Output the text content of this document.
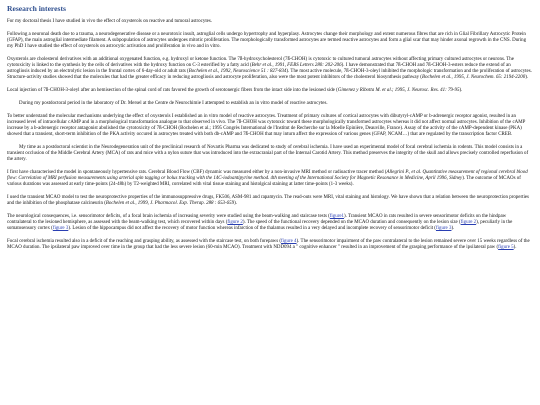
Research interests

For my doctoral thesis I have studied in vivo the effect of oxysterols on reactive and tumoral astrocytes.

Following a neuronal death due to a trauma, a neurodegenerative disease or a neurotoxic insult, astroglial cells undergo hypertrophy and hyperplasy. Astrocytes change their morphology and extent numerous fibres that are rich in Glial Fibrillary Astrocytic Protein (GFAP), the main astroglial intermediate filament. A subpopulation of astrocytes undergoes mitotic proliferation. The morphologically transformed astrocytes are termed reactive astrocytes and form a glial scar that may hinder axonal regrowth in the CNS. During my PhD I have studied the effect of oxysterols on astrocytic activation and proliferation in vivo and in vitro.

Oxysterols are cholesterol derivatives with an additional oxygenated function, e.g. hydroxyl or ketone function. The 7ß-hydroxycholesterol (7ß-CHOH) is cytotoxic to cultured tumoral astrocytes without affecting primary cultured astrocytes or neurons. The cytotoxicity is linked to the synthesis by the cells of derivatives with the hydroxy function on C-3 esterified by a fatty acid (Behr et al., 1991, FEBS Letters 280: 202-206). I have demonstrated that 7ß-CHOH and 7ß-CHOH-3-esters reduce the extend of an astrogliosis induced by an electrolytic lesion in the frontal cortex of 6-day-old or adult rats (Bochelen et al., 1992, Neuroscience 51 : 827-834). The most active molecule, 7ß-CHOH-3-oleyl inhibited the morphologic transformation and the proliferation of astrocytes. Structure-activity studies showed that the molecules that had the greater efficacy in reducing astrogliosis and astrocyte proliferation, also were the most potent inhibitors of the cholesterol biosynthesis pathway (Bochelen et al., 1995, J. Neurochem. 65: 2194-2200).

Local injection of 7ß-CHOH-3-oleyl after an hemisection of the spinal cord of rats favored the growth of serotonergic fibers from the intact side into the lesioned side (Gimenez y Ribotta M. et al.; 1995, J. Neurosc. Res. 41: 79-95).

During my postdoctoral period in the laboratory of Dr. Mersel at the Centre de Neurochimie I attempted to establish an in vitro model of reactive astrocytes.

To better understand the molecular mechanisms underlying the effect of oxysterols I established an in vitro model of reactive astrocytes. Treatment of primary cultures of cortical astrocytes with dibutyryl-cAMP or b-adrenergic receptor agonist, resulted in an increased level of intracellular cAMP and in a morphological transformation analogue to that observed in vivo. The 7ß-CHOH was cytotoxic toward these morphologically transformed astrocytes whereas it did not affect normal astrocytes. Inhibition of the cAMP increase by a b-adrenergic receptor antagonist abolished the cytotoxicity of 7ß-CHOH (Bochelen et al.; 1995 Congrès International de l'Institut de Recherche sur la Moelle Epinière, Deauville, France). Assay of the activity of the cAMP-dependent kinase (PKA) showed that a transient, short-term inhibition of the PKA activity occured in astrocytes treated with both db-cAMP and 7ß-CHOH that may inturn affect the expression of various genes (GFAP, NCAM…) that are regulated by the transcription factor CREB.

My time as a postdoctoral scientist in the Neurodegeneration unit of the preclinical research of Novartis Pharma was dedicated to study of cerebral ischemia. I have used an experimental model of focal cerebral ischemia in rodents. This model consists in a transient occlusion of the Middle Cerebral Artery (MCA) of rats and mice with a nylon suture that was introduced into the extracranial part of the Internal Carotid Artery. This method preserves the integrity of the skull and allows precisely controlled reperfusion of the artery.

I first have characterised the model in spontaneously hypertensive rats. Cerebral Blood Flow (CBF) dynamic was measured either by a non-invasive MRI method or radioactive tracer method (Allegrini P., et al. Quantitative measurement of regional cerebral blood flow: Correlation of MRI perfusion measurements using arterial spin tagging or bolus tracking with the 14C-iodoantipyrine method. 4th meeting of the International Society for Magnetic Resonance in Medicine, April 1996, Sidney). The outcome of MCAOs of various durations was assessed at early time-points (24-48h) by T2-weighted MRI, correlated with vital tissue staining and histolgical staining at latter time-points (1-3 weeks).

I used the transient MCAO model to test the neuroprotective properties of the immunosuppressive drugs, FK506, ASM-981 and rapamycin. The read-outs were MRI, vital staining and histology. We have shown that a relation between the neuroprotection properties and the inhibition of the phosphatase calcineurin (Bochelen et al., 1999, J. Pharmacol. Exp. Therap. 288 : 653-659).

The neurological consequences, i.e. sensorimotor deficits, of a focal brain ischemia of increasing severity were studied using the beam-walking and staircase tests (figure1). Transient MCAO in rats resulted in severe sensorimotor deficits on the hindpaw contralateral to the lesioned hemisphere, as assessed with the beam-walking test, which recovered within days (figure 2). The speed of the functional recovery depended on the MCAO duration and consequently on the lesion size (figure 2), peculiarly in the somatosensory cortex (figure 3). Lesion of the hippocampus did not affect the recovery of motor function whereas infarction of the thalamus resulted in a very delayed and incomplete recovery of sensorimotor deficit (figure 3).

Focal cerebral ischemia resulted also in a deficit of the reaching and grasping ability, as assessed with the staircase test, on both forepaws (figure 4). The sensorimotor impairment of the paw contralateral to the lesion remained severe over 15 weeks regardless of the MCAO duration. The ipsilateral paw improved over time in the group that had the less severe lesion (60-min MCAO). Treatment with NDD094 a " cognitive enhancer " resulted in an improvement of the grasping performance of the ipsilateral paw (figure 5).
